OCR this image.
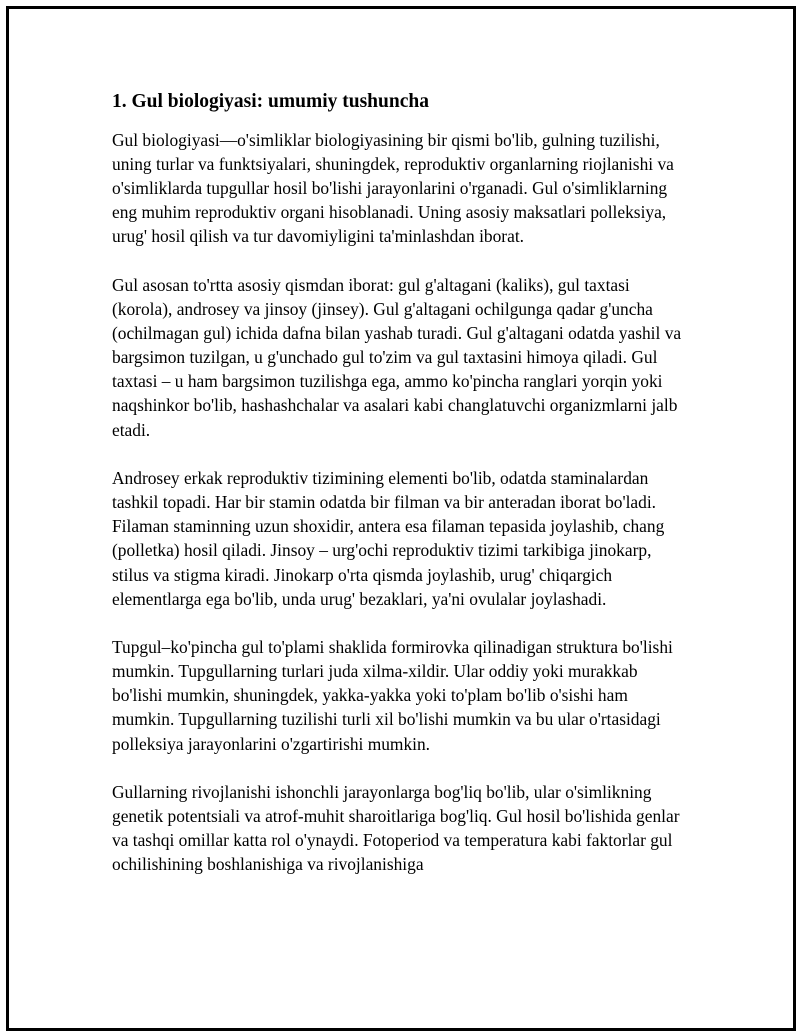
1. Gul biologiyasi: umumiy tushuncha

Gul biologiyasi—o'simliklar biologiyasining bir qismi bo'lib, gulning tuzilishi, uning turlar va funktsiyalari, shuningdek, reproduktiv organlarning riojlanishi va o'simliklarda tupgullar hosil bo'lishi jarayonlarini o'rganadi. Gul o'simliklarning eng muhim reproduktiv organi hisoblanadi. Uning asosiy maksatlari polleksiya, urug' hosil qilish va tur davomiyligini ta'minlashdan iborat.

Gul asosan to'rtta asosiy qismdan iborat: gul g'altagani (kaliks), gul taxtasi (korola), androsey va jinsoy (jinsey). Gul g'altagani ochilgunga qadar g'uncha (ochilmagan gul) ichida dafna bilan yashab turadi. Gul g'altagani odatda yashil va bargsimon tuzilgan, u g'unchado gul to'zim va gul taxtasini himoya qiladi. Gul taxtasi – u ham bargsimon tuzilishga ega, ammo ko'pincha ranglari yorqin yoki naqshinkor bo'lib, hashashchalar va asalari kabi changlatuvchi organizmlarni jalb etadi.

Androsey erkak reproduktiv tizimining elementi bo'lib, odatda staminalardan tashkil topadi. Har bir stamin odatda bir filman va bir anteradan iborat bo'ladi. Filaman staminning uzun shoxidir, antera esa filaman tepasida joylashib, chang (polletka) hosil qiladi. Jinsoy – urg'ochi reproduktiv tizimi tarkibiga jinokarp, stilus va stigma kiradi. Jinokarp o'rta qismda joylashib, urug' chiqargich elementlarga ega bo'lib, unda urug' bezaklari, ya'ni ovulalar joylashadi.

Tupgul–ko'pincha gul to'plami shaklida formirovka qilinadigan struktura bo'lishi mumkin. Tupgullarning turlari juda xilma-xildir. Ular oddiy yoki murakkab bo'lishi mumkin, shuningdek, yakka-yakka yoki to'plam bo'lib o'sishi ham mumkin. Tupgullarning tuzilishi turli xil bo'lishi mumkin va bu ular o'rtasidagi polleksiya jarayonlarini o'zgartirishi mumkin.

Gullarning rivojlanishi ishonchli jarayonlarga bog'liq bo'lib, ular o'simlikning genetik potentsiali va atrof-muhit sharoitlariga bog'liq. Gul hosil bo'lishida genlar va tashqi omillar katta rol o'ynaydi. Fotoperiod va temperatura kabi faktorlar gul ochilishining boshlanishiga va rivojlanishiga
